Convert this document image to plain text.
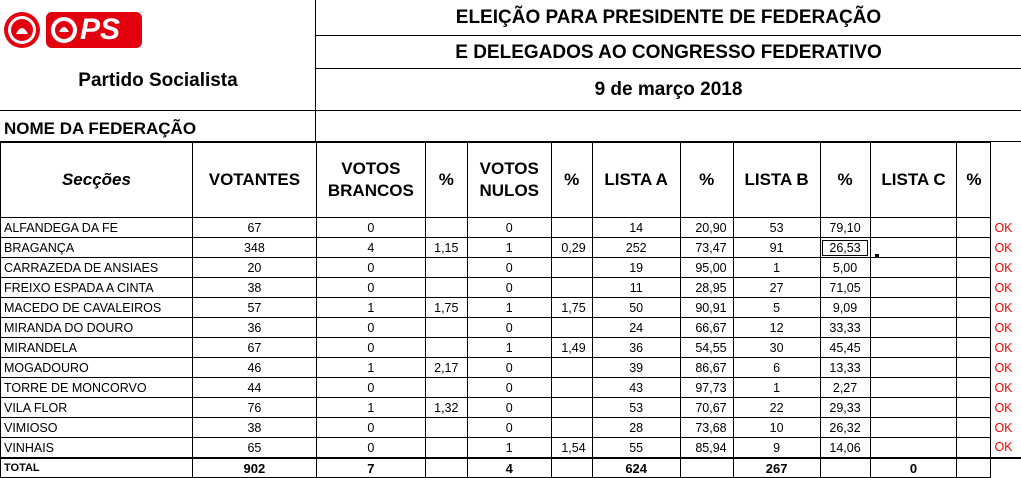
PS
Partido Socialista
ELEIÇÃO PARA PRESIDENTE DE FEDERAÇÃO
E DELEGADOS AO CONGRESSO FEDERATIVO
9 de março 2018
NOME DA FEDERAÇÃO
Secções	VOTANTES	VOTOS BRANCOS	%	VOTOS NULOS	%	LISTA A	%	LISTA B	%	LISTA C	%	
ALFANDEGA DA FE	67	0		0		14	20,90	53	79,10			OK
BRAGANÇA	348	4	1,15	1	0,29	252	73,47	91	26,53			OK
CARRAZEDA DE ANSIAES	20	0		0		19	95,00	1	5,00			OK
FREIXO ESPADA A CINTA	38	0		0		11	28,95	27	71,05			OK
MACEDO DE CAVALEIROS	57	1	1,75	1	1,75	50	90,91	5	9,09			OK
MIRANDA DO DOURO	36	0		0		24	66,67	12	33,33			OK
MIRANDELA	67	0		1	1,49	36	54,55	30	45,45			OK
MOGADOURO	46	1	2,17	0		39	86,67	6	13,33			OK
TORRE DE MONCORVO	44	0		0		43	97,73	1	2,27			OK
VILA FLOR	76	1	1,32	0		53	70,67	22	29,33			OK
VIMIOSO	38	0		0		28	73,68	10	26,32			OK
VINHAIS	65	0		1	1,54	55	85,94	9	14,06			OK
TOTAL	902	7		4		624		267		0		
